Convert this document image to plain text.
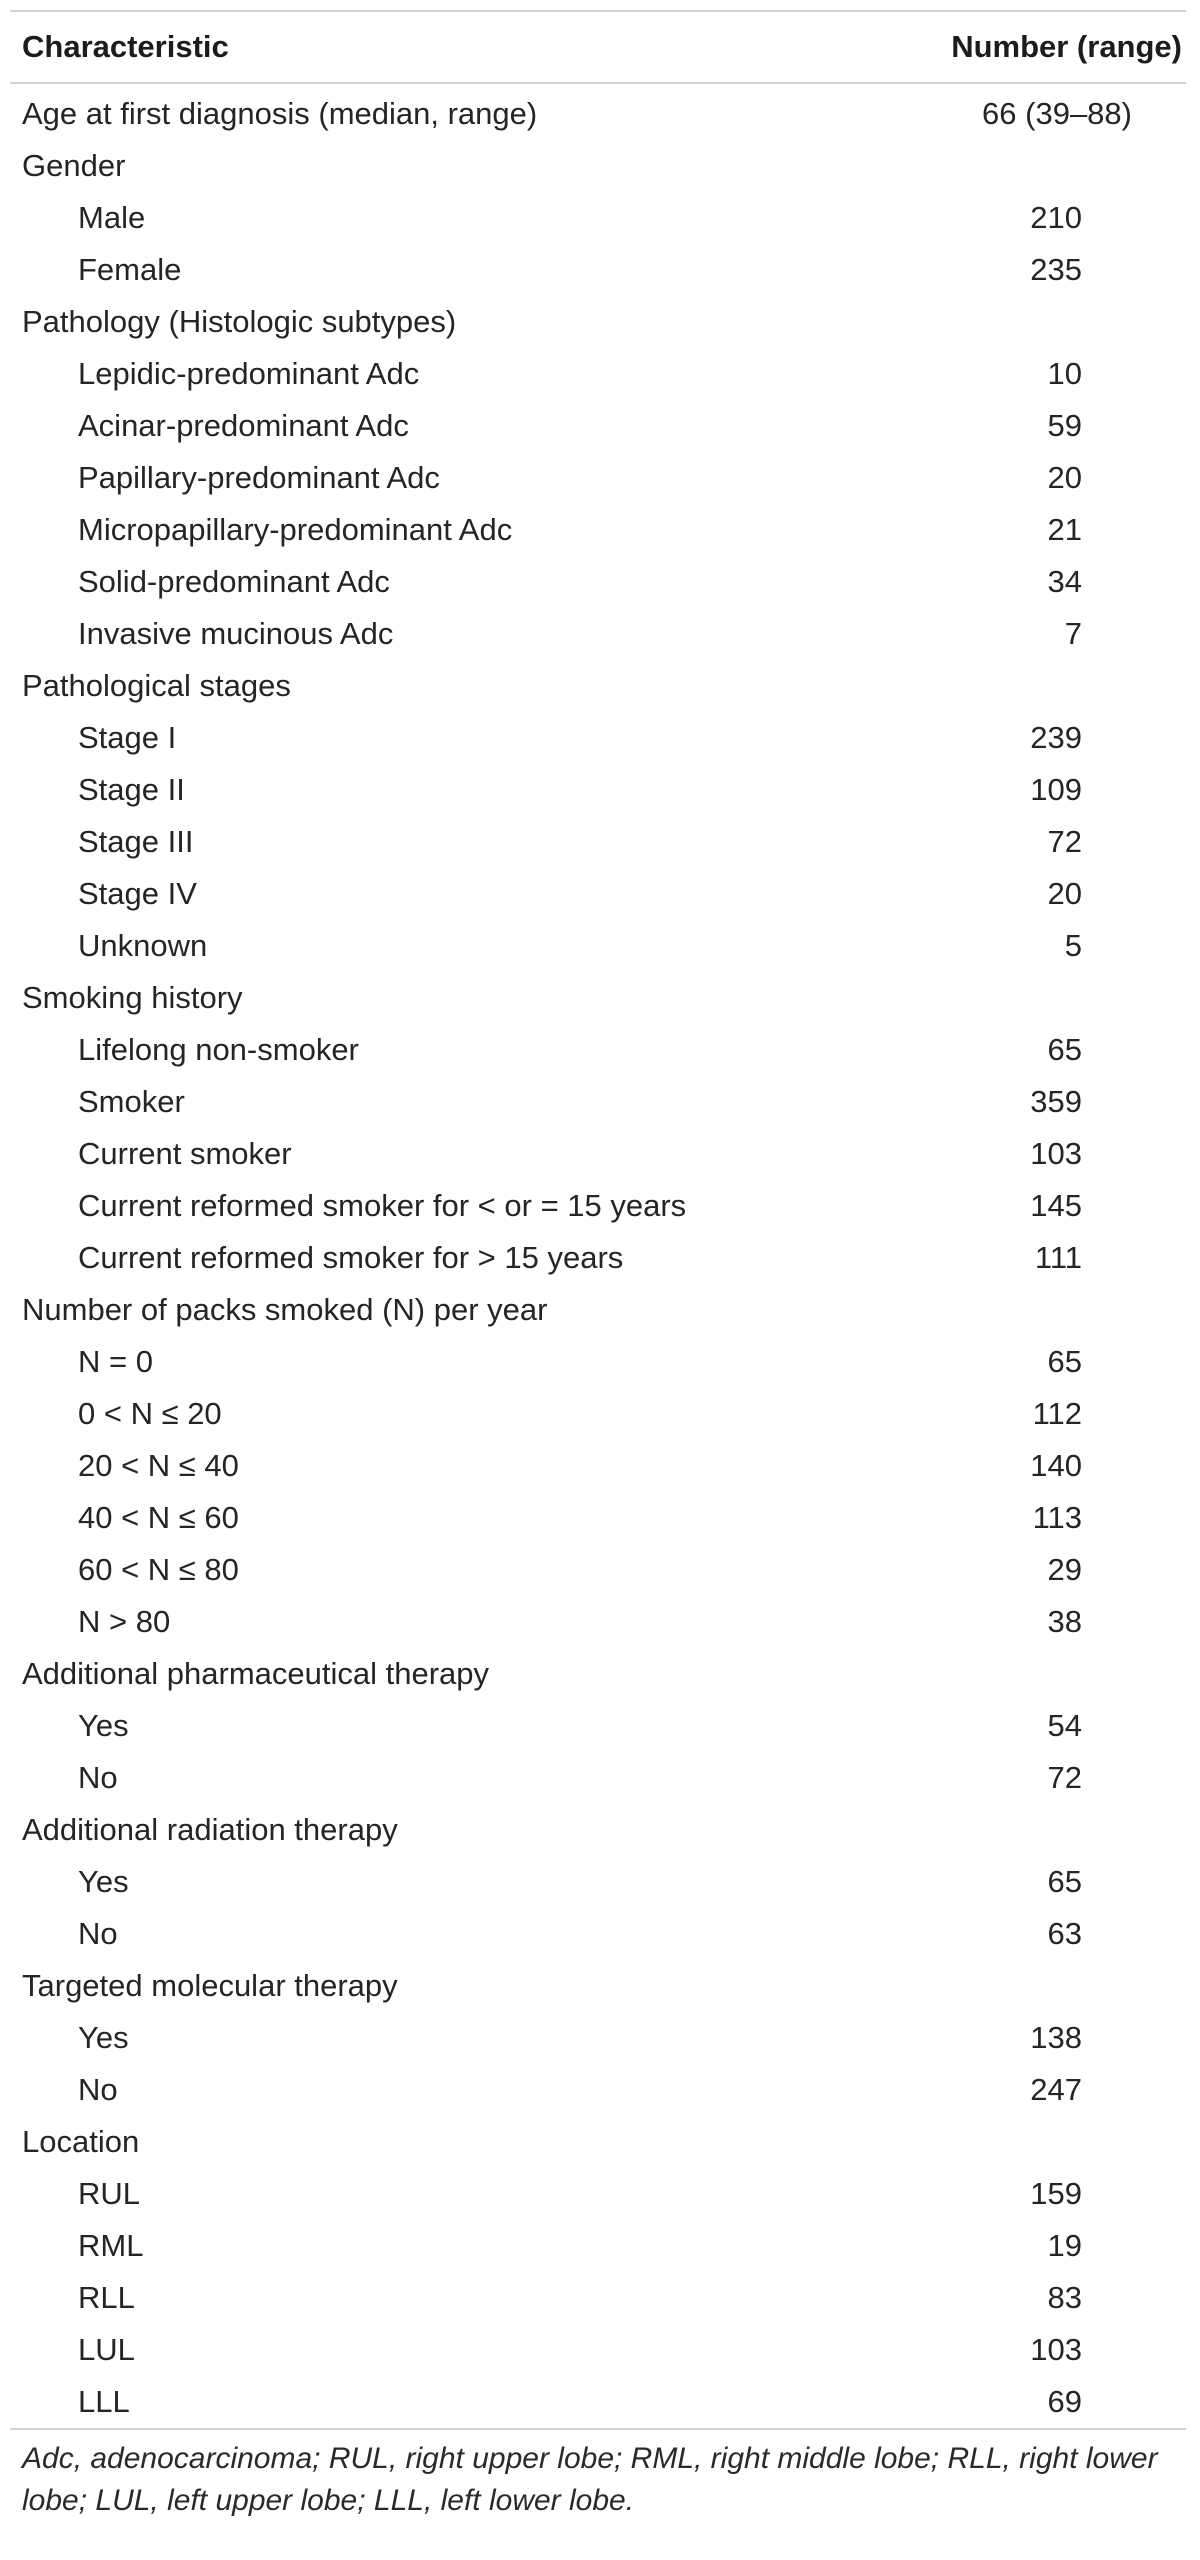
Characteristic	Number (range)
Age at first diagnosis (median, range)	66 (39–88)
Gender
Male	210
Female	235
Pathology (Histologic subtypes)
Lepidic-predominant Adc	10
Acinar-predominant Adc	59
Papillary-predominant Adc	20
Micropapillary-predominant Adc	21
Solid-predominant Adc	34
Invasive mucinous Adc	7
Pathological stages
Stage I	239
Stage II	109
Stage III	72
Stage IV	20
Unknown	5
Smoking history
Lifelong non-smoker	65
Smoker	359
Current smoker	103
Current reformed smoker for < or = 15 years	145
Current reformed smoker for > 15 years	111
Number of packs smoked (N) per year
N = 0	65
0 < N ≤ 20	112
20 < N ≤ 40	140
40 < N ≤ 60	113
60 < N ≤ 80	29
N > 80	38
Additional pharmaceutical therapy
Yes	54
No	72
Additional radiation therapy
Yes	65
No	63
Targeted molecular therapy
Yes	138
No	247
Location
RUL	159
RML	19
RLL	83
LUL	103
LLL	69
Adc, adenocarcinoma; RUL, right upper lobe; RML, right middle lobe; RLL, right lower lobe; LUL, left upper lobe; LLL, left lower lobe.
